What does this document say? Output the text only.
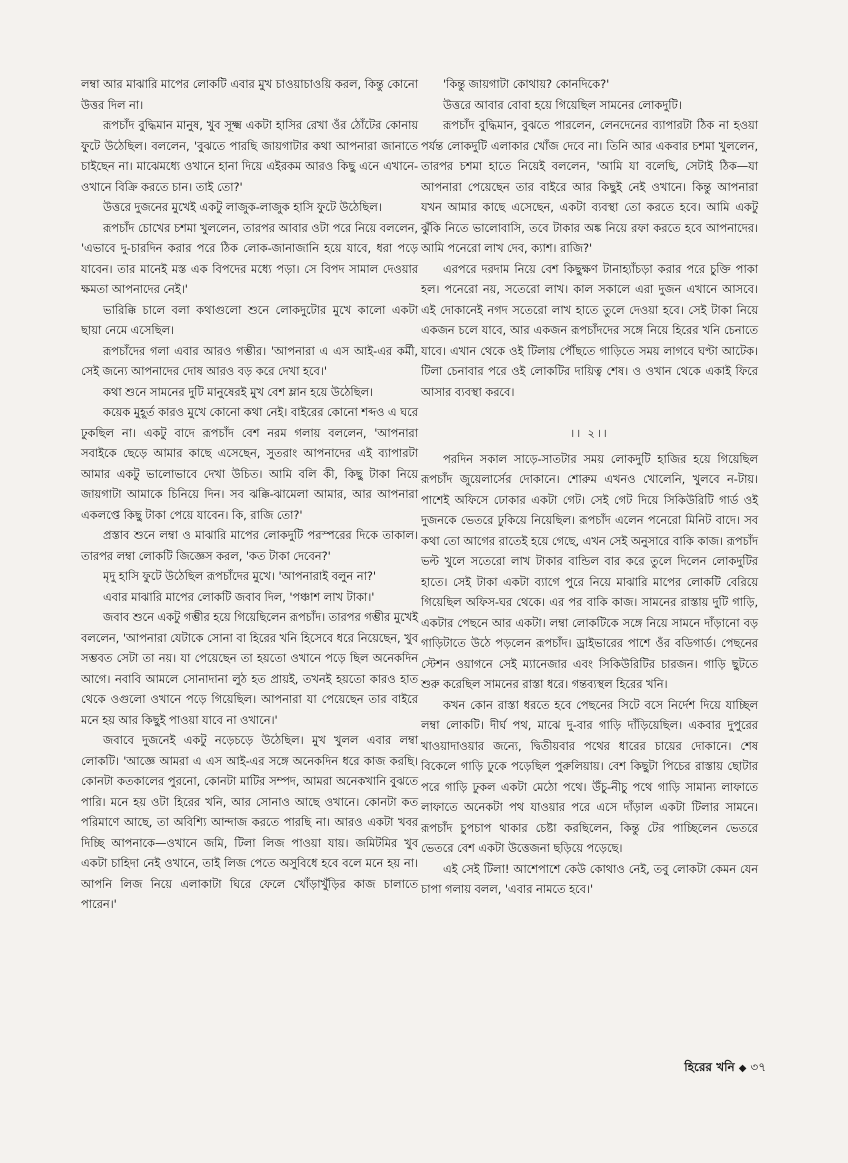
লম্বা আর মাঝারি মাপের লোকটি এবার মুখ চাওয়াচাওয়ি করল, কিন্তু কোনো উত্তর দিল না।

রূপচাঁদ বুদ্ধিমান মানুষ, খুব সূক্ষ্ম একটা হাসির রেখা ওঁর ঠোঁটের কোনায় ফুটে উঠেছিল। বললেন, 'বুঝতে পারছি জায়গাটার কথা আপনারা জানাতে চাইছেন না। মাঝেমধ্যে ওখানে হানা দিয়ে এইরকম আরও কিছু এনে এখানে-ওখানে বিক্রি করতে চান। তাই তো?'

উত্তরে দুজনের মুখেই একটু লাজুক-লাজুক হাসি ফুটে উঠেছিল।

রূপচাঁদ চোখের চশমা খুললেন, তারপর আবার ওটা পরে নিয়ে বললেন, 'এভাবে দু-চারদিন করার পরে ঠিক লোক-জানাজানি হয়ে যাবে, ধরা পড়ে যাবেন। তার মানেই মস্ত এক বিপদের মধ্যে পড়া। সে বিপদ সামাল দেওয়ার ক্ষমতা আপনাদের নেই।'

ভারিক্কি চালে বলা কথাগুলো শুনে লোকদুটোর মুখে কালো একটা ছায়া নেমে এসেছিল।

রূপচাঁদের গলা এবার আরও গম্ভীর। 'আপনারা এ এস আই-এর কর্মী, সেই জন্যে আপনাদের দোষ আরও বড় করে দেখা হবে।'

কথা শুনে সামনের দুটি মানুষেরই মুখ বেশ ম্লান হয়ে উঠেছিল।

কয়েক মুহূর্ত কারও মুখে কোনো কথা নেই। বাইরের কোনো শব্দও এ ঘরে ঢুকছিল না। একটু বাদে রূপচাঁদ বেশ নরম গলায় বললেন, 'আপনারা সবাইকে ছেড়ে আমার কাছে এসেছেন, সুতরাং আপনাদের এই ব্যাপারটা আমার একটু ভালোভাবে দেখা উচিত। আমি বলি কী, কিছু টাকা নিয়ে জায়গাটা আমাকে চিনিয়ে দিন। সব ঝক্কি-ঝামেলা আমার, আর আপনারা একলপ্তে কিছু টাকা পেয়ে যাবেন। কি, রাজি তো?'

প্রস্তাব শুনে লম্বা ও মাঝারি মাপের লোকদুটি পরস্পরের দিকে তাকাল। তারপর লম্বা লোকটি জিজ্ঞেস করল, 'কত টাকা দেবেন?'

মৃদু হাসি ফুটে উঠেছিল রূপচাঁদের মুখে। 'আপনারাই বলুন না?'

এবার মাঝারি মাপের লোকটি জবাব দিল, 'পঞ্চাশ লাখ টাকা।'

জবাব শুনে একটু গম্ভীর হয়ে গিয়েছিলেন রূপচাঁদ। তারপর গম্ভীর মুখেই বললেন, 'আপনারা যেটাকে সোনা বা হিরের খনি হিসেবে ধরে নিয়েছেন, খুব সম্ভবত সেটা তা নয়। যা পেয়েছেন তা হয়তো ওখানে পড়ে ছিল অনেকদিন আগে। নবাবি আমলে সোনাদানা লুঠ হত প্রায়ই, তখনই হয়তো কারও হাত থেকে ওগুলো ওখানে পড়ে গিয়েছিল। আপনারা যা পেয়েছেন তার বাইরে মনে হয় আর কিছুই পাওয়া যাবে না ওখানে।'

জবাবে দুজনেই একটু নড়েচড়ে উঠেছিল। মুখ খুলল এবার লম্বা লোকটি। 'আজ্ঞে আমরা এ এস আই-এর সঙ্গে অনেকদিন ধরে কাজ করছি। কোনটা কতকালের পুরনো, কোনটা মাটির সম্পদ, আমরা অনেকখানি বুঝতে পারি। মনে হয় ওটা হিরের খনি, আর সোনাও আছে ওখানে। কোনটা কত পরিমাণে আছে, তা অবিশ্যি আন্দাজ করতে পারছি না। আরও একটা খবর দিচ্ছি আপনাকে—ওখানে জমি, টিলা লিজ পাওয়া যায়। জমিটমির খুব একটা চাহিদা নেই ওখানে, তাই লিজ পেতে অসুবিধে হবে বলে মনে হয় না। আপনি লিজ নিয়ে এলাকাটা ঘিরে ফেলে খোঁড়াখুঁড়ির কাজ চালাতে পারেন।'

'কিন্তু জায়গাটা কোথায়? কোনদিকে?'

উত্তরে আবার বোবা হয়ে গিয়েছিল সামনের লোকদুটি।

রূপচাঁদ বুদ্ধিমান, বুঝতে পারলেন, লেনদেনের ব্যাপারটা ঠিক না হওয়া পর্যন্ত লোকদুটি এলাকার খোঁজ দেবে না। তিনি আর একবার চশমা খুললেন, তারপর চশমা হাতে নিয়েই বললেন, 'আমি যা বলেছি, সেটাই ঠিক—যা আপনারা পেয়েছেন তার বাইরে আর কিছুই নেই ওখানে। কিন্তু আপনারা যখন আমার কাছে এসেছেন, একটা ব্যবস্থা তো করতে হবে। আমি একটু ঝুঁকি নিতে ভালোবাসি, তবে টাকার অঙ্ক নিয়ে রফা করতে হবে আপনাদের। আমি পনেরো লাখ দেব, ক্যাশ। রাজি?'

এরপরে দরদাম নিয়ে বেশ কিছুক্ষণ টানাহ্যাঁচড়া করার পরে চুক্তি পাকা হল। পনেরো নয়, সতেরো লাখ। কাল সকালে এরা দুজন এখানে আসবে। এই দোকানেই নগদ সতেরো লাখ হাতে তুলে দেওয়া হবে। সেই টাকা নিয়ে একজন চলে যাবে, আর একজন রূপচাঁদদের সঙ্গে নিয়ে হিরের খনি চেনাতে যাবে। এখান থেকে ওই টিলায় পৌঁছতে গাড়িতে সময় লাগবে ঘণ্টা আটেক। টিলা চেনাবার পরে ওই লোকটির দায়িত্ব শেষ। ও ওখান থেকে একাই ফিরে আসার ব্যবস্থা করবে।

।। ২।।

পরদিন সকাল সাড়ে-সাতটার সময় লোকদুটি হাজির হয়ে গিয়েছিল রূপচাঁদ জুয়েলার্সের দোকানে। শোরুম এখনও খোলেনি, খুলবে ন-টায়। পাশেই অফিসে ঢোকার একটা গেট। সেই গেট দিয়ে সিকিউরিটি গার্ড ওই দুজনকে ভেতরে ঢুকিয়ে নিয়েছিল। রূপচাঁদ এলেন পনেরো মিনিট বাদে। সব কথা তো আগের রাতেই হয়ে গেছে, এখন সেই অনুসারে বাকি কাজ। রূপচাঁদ ভল্ট খুলে সতেরো লাখ টাকার বান্ডিল বার করে তুলে দিলেন লোকদুটির হাতে। সেই টাকা একটা ব্যাগে পুরে নিয়ে মাঝারি মাপের লোকটি বেরিয়ে গিয়েছিল অফিস-ঘর থেকে। এর পর বাকি কাজ। সামনের রাস্তায় দুটি গাড়ি, একটার পেছনে আর একটা। লম্বা লোকটিকে সঙ্গে নিয়ে সামনে দাঁড়ানো বড় গাড়িটাতে উঠে পড়লেন রূপচাঁদ। ড্রাইভারের পাশে ওঁর বডিগার্ড। পেছনের স্টেশন ওয়াগনে সেই ম্যানেজার এবং সিকিউরিটির চারজন। গাড়ি ছুটতে শুরু করেছিল সামনের রাস্তা ধরে। গন্তব্যস্থল হিরের খনি।

কখন কোন রাস্তা ধরতে হবে পেছনের সিটে বসে নির্দেশ দিয়ে যাচ্ছিল লম্বা লোকটি। দীর্ঘ পথ, মাঝে দু-বার গাড়ি দাঁড়িয়েছিল। একবার দুপুরের খাওয়াদাওয়ার জন্যে, দ্বিতীয়বার পথের ধারের চায়ের দোকানে। শেষ বিকেলে গাড়ি ঢুকে পড়েছিল পুরুলিয়ায়। বেশ কিছুটা পিচের রাস্তায় ছোটার পরে গাড়ি ঢুকল একটা মেঠো পথে। উঁচু-নীচু পথে গাড়ি সামান্য লাফাতে লাফাতে অনেকটা পথ যাওয়ার পরে এসে দাঁড়াল একটা টিলার সামনে। রূপচাঁদ চুপচাপ থাকার চেষ্টা করছিলেন, কিন্তু টের পাচ্ছিলেন ভেতরে ভেতরে বেশ একটা উত্তেজনা ছড়িয়ে পড়েছে।

এই সেই টিলা! আশেপাশে কেউ কোথাও নেই, তবু লোকটা কেমন যেন চাপা গলায় বলল, 'এবার নামতে হবে।'

হিরের খনি ◆ ৩৭
